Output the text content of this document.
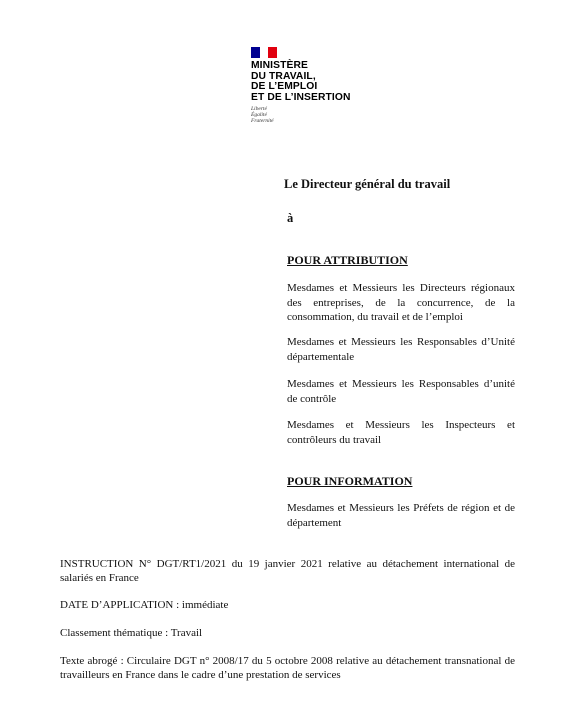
MINISTÈRE
DU TRAVAIL,
DE L’EMPLOI
ET DE L’INSERTION
Liberté
Égalité
Fraternité
Le Directeur général du travail
à
POUR ATTRIBUTION
Mesdames et Messieurs les Directeurs régionaux des entreprises, de la concurrence, de la consommation, du travail et de l’emploi
Mesdames et Messieurs les Responsables d’Unité départementale
Mesdames et Messieurs les Responsables d’unité de contrôle
Mesdames et Messieurs les Inspecteurs et contrôleurs du travail
POUR INFORMATION
Mesdames et Messieurs les Préfets de région et de département
INSTRUCTION N° DGT/RT1/2021 du 19 janvier 2021 relative au détachement international de salariés en France
DATE D’APPLICATION : immédiate
Classement thématique : Travail
Texte abrogé : Circulaire DGT n° 2008/17 du 5 octobre 2008 relative au détachement transnational de travailleurs en France dans le cadre d’une prestation de services
